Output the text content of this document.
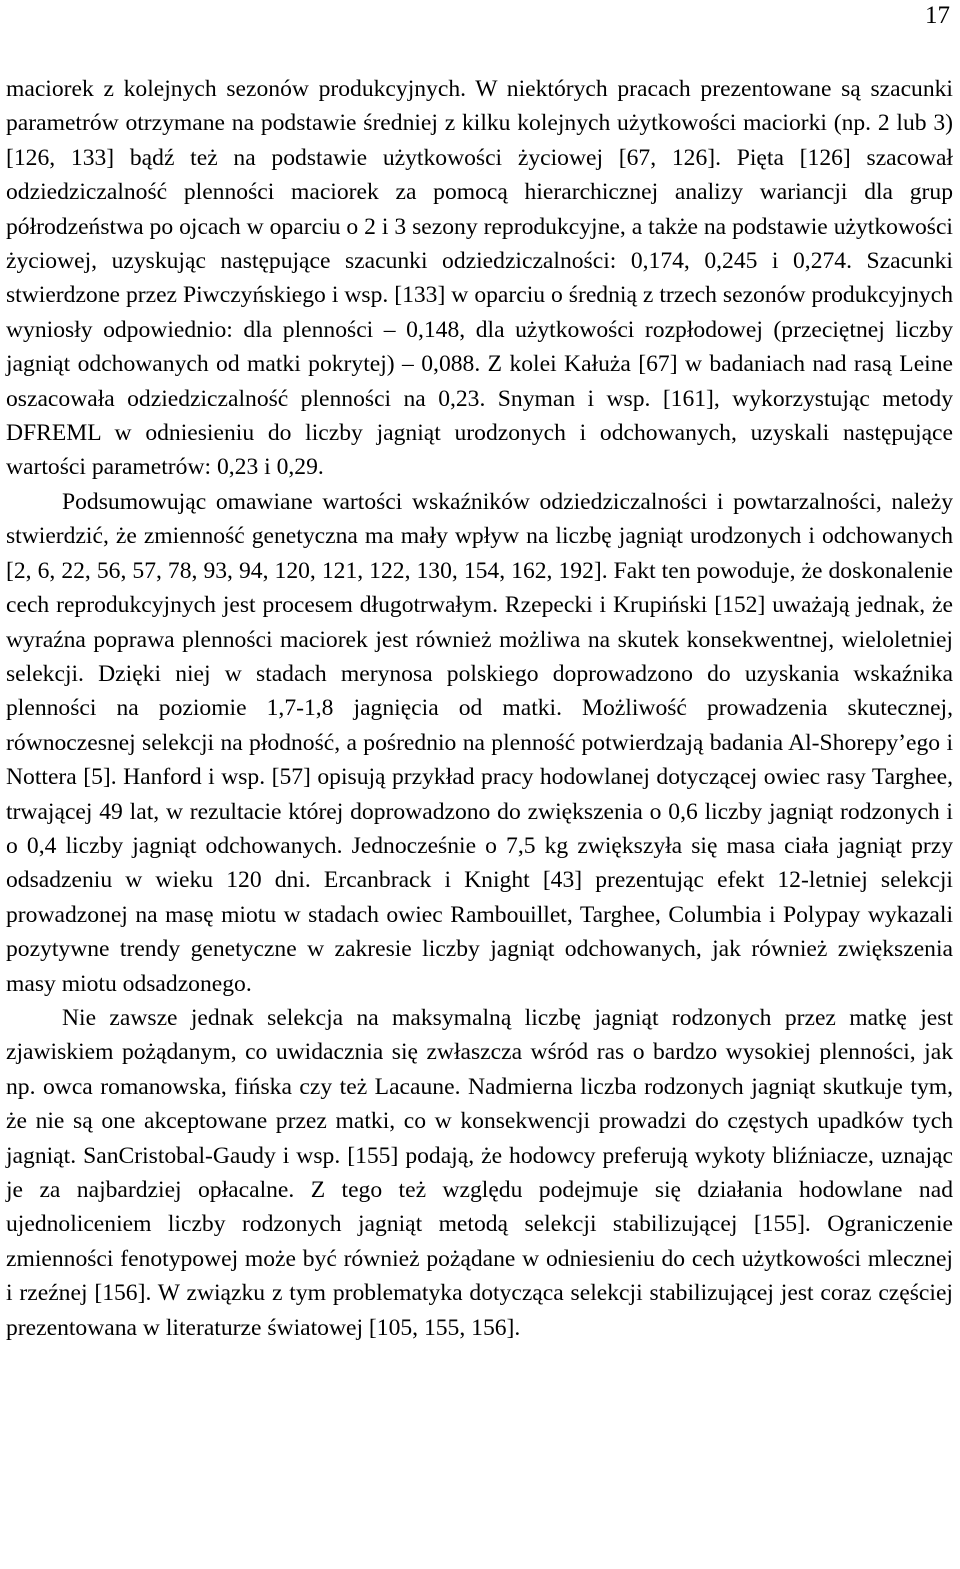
17

maciorek z kolejnych sezonów produkcyjnych. W niektórych pracach prezentowane są szacunki parametrów otrzymane na podstawie średniej z kilku kolejnych użytkowości maciorki (np. 2 lub 3) [126, 133] bądź też na podstawie użytkowości życiowej [67, 126]. Pięta [126] szacował odziedziczalność plenności maciorek za pomocą hierarchicznej analizy wariancji dla grup półrodzeństwa po ojcach w oparciu o 2 i 3 sezony reprodukcyjne, a także na podstawie użytkowości życiowej, uzyskując następujące szacunki odziedziczalności: 0,174, 0,245 i 0,274. Szacunki stwierdzone przez Piwczyńskiego i wsp. [133] w oparciu o średnią z trzech sezonów produkcyjnych wyniosły odpowiednio: dla plenności – 0,148, dla użytkowości rozpłodowej (przeciętnej liczby jagniąt odchowanych od matki pokrytej) – 0,088. Z kolei Kałuża [67] w badaniach nad rasą Leine oszacowała odziedziczalność plenności na 0,23. Snyman i wsp. [161], wykorzystując metody DFREML w odniesieniu do liczby jagniąt urodzonych i odchowanych, uzyskali następujące wartości parametrów: 0,23 i 0,29.

Podsumowując omawiane wartości wskaźników odziedziczalności i powtarzalności, należy stwierdzić, że zmienność genetyczna ma mały wpływ na liczbę jagniąt urodzonych i odchowanych [2, 6, 22, 56, 57, 78, 93, 94, 120, 121, 122, 130, 154, 162, 192]. Fakt ten powoduje, że doskonalenie cech reprodukcyjnych jest procesem długotrwałym. Rzepecki i Krupiński [152] uważają jednak, że wyraźna poprawa plenności maciorek jest również możliwa na skutek konsekwentnej, wieloletniej selekcji. Dzięki niej w stadach merynosa polskiego doprowadzono do uzyskania wskaźnika plenności na poziomie 1,7-1,8 jagnięcia od matki. Możliwość prowadzenia skutecznej, równoczesnej selekcji na płodność, a pośrednio na plenność potwierdzają badania Al-Shorepy’ego i Nottera [5]. Hanford i wsp. [57] opisują przykład pracy hodowlanej dotyczącej owiec rasy Targhee, trwającej 49 lat, w rezultacie której doprowadzono do zwiększenia o 0,6 liczby jagniąt rodzonych i o 0,4 liczby jagniąt odchowanych. Jednocześnie o 7,5 kg zwiększyła się masa ciała jagniąt przy odsadzeniu w wieku 120 dni. Ercanbrack i Knight [43] prezentując efekt 12-letniej selekcji prowadzonej na masę miotu w stadach owiec Rambouillet, Targhee, Columbia i Polypay wykazali pozytywne trendy genetyczne w zakresie liczby jagniąt odchowanych, jak również zwiększenia masy miotu odsadzonego.

Nie zawsze jednak selekcja na maksymalną liczbę jagniąt rodzonych przez matkę jest zjawiskiem pożądanym, co uwidacznia się zwłaszcza wśród ras o bardzo wysokiej plenności, jak np. owca romanowska, fińska czy też Lacaune. Nadmierna liczba rodzonych jagniąt skutkuje tym, że nie są one akceptowane przez matki, co w konsekwencji prowadzi do częstych upadków tych jagniąt. SanCristobal-Gaudy i wsp. [155] podają, że hodowcy preferują wykoty bliźniacze, uznając je za najbardziej opłacalne. Z tego też względu podejmuje się działania hodowlane nad ujednoliceniem liczby rodzonych jagniąt metodą selekcji stabilizującej [155]. Ograniczenie zmienności fenotypowej może być również pożądane w odniesieniu do cech użytkowości mlecznej i rzeźnej [156]. W związku z tym problematyka dotycząca selekcji stabilizującej jest coraz częściej prezentowana w literaturze światowej [105, 155, 156].
